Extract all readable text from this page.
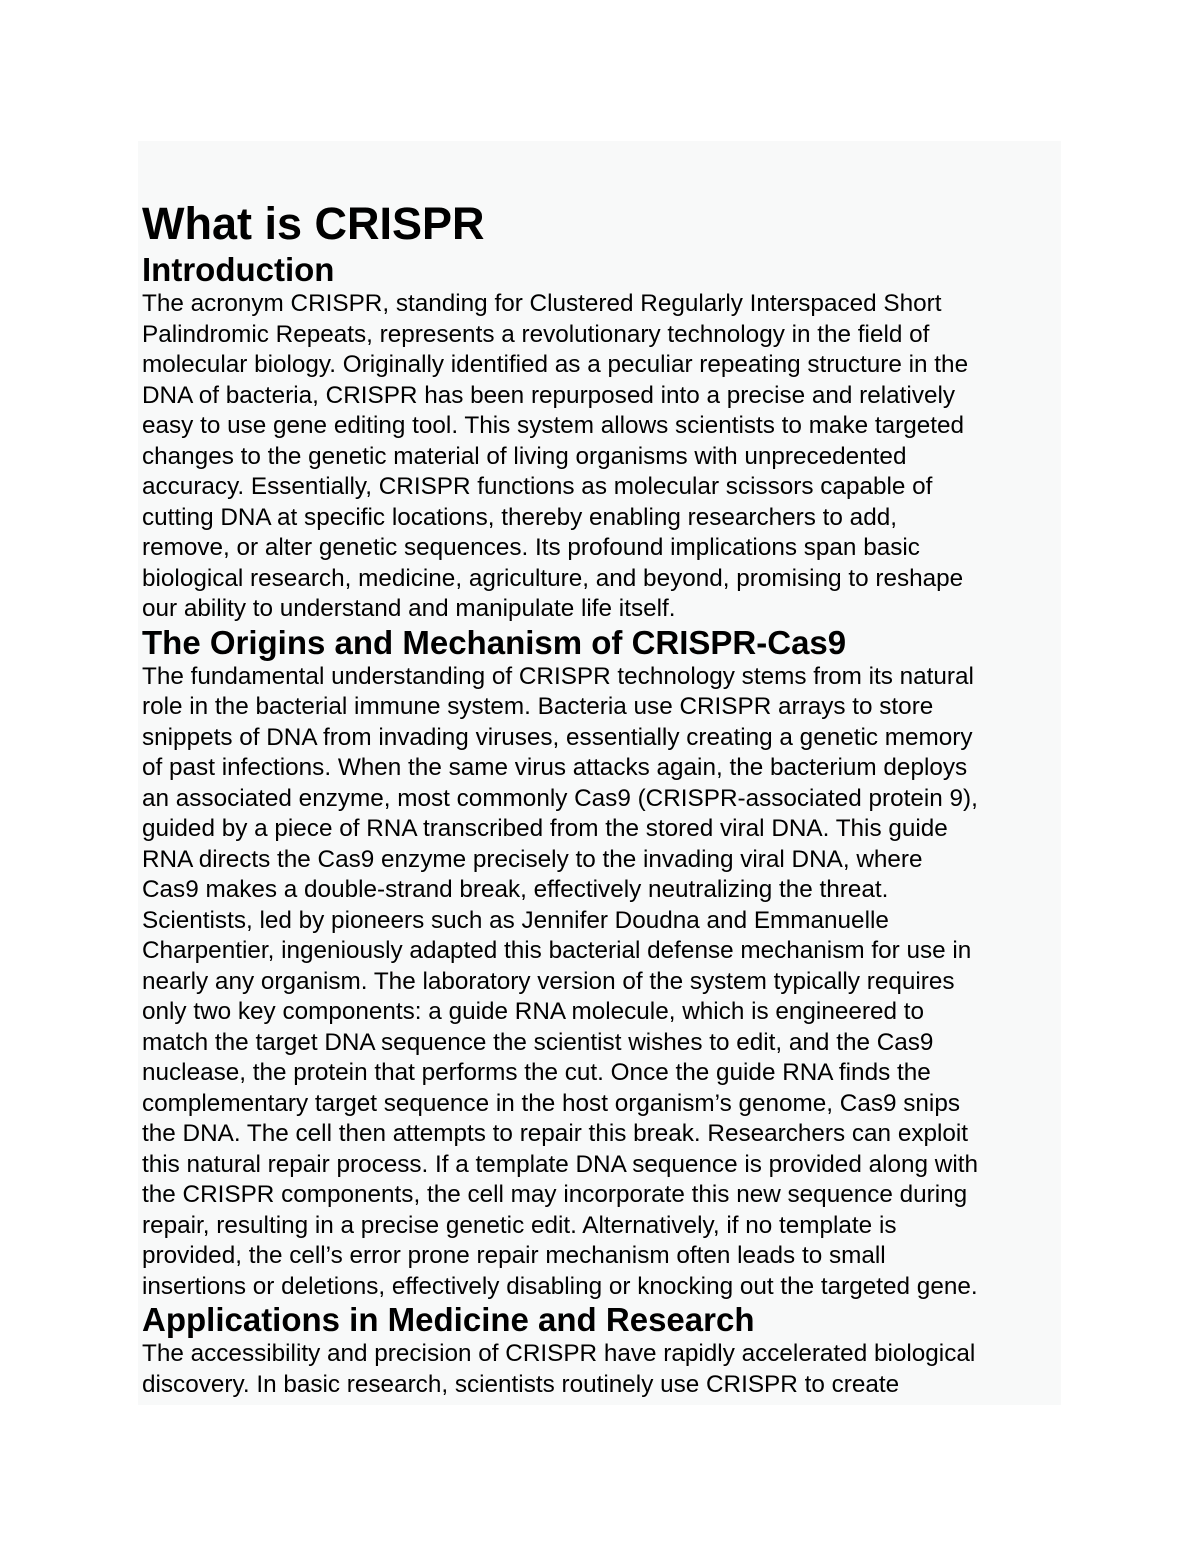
What is CRISPR
Introduction

The acronym CRISPR, standing for Clustered Regularly Interspaced Short
Palindromic Repeats, represents a revolutionary technology in the field of
molecular biology. Originally identified as a peculiar repeating structure in the
DNA of bacteria, CRISPR has been repurposed into a precise and relatively
easy to use gene editing tool. This system allows scientists to make targeted
changes to the genetic material of living organisms with unprecedented
accuracy. Essentially, CRISPR functions as molecular scissors capable of
cutting DNA at specific locations, thereby enabling researchers to add,
remove, or alter genetic sequences. Its profound implications span basic
biological research, medicine, agriculture, and beyond, promising to reshape
our ability to understand and manipulate life itself.

The Origins and Mechanism of CRISPR-Cas9

The fundamental understanding of CRISPR technology stems from its natural
role in the bacterial immune system. Bacteria use CRISPR arrays to store
snippets of DNA from invading viruses, essentially creating a genetic memory
of past infections. When the same virus attacks again, the bacterium deploys
an associated enzyme, most commonly Cas9 (CRISPR-associated protein 9),
guided by a piece of RNA transcribed from the stored viral DNA. This guide
RNA directs the Cas9 enzyme precisely to the invading viral DNA, where
Cas9 makes a double-strand break, effectively neutralizing the threat.
Scientists, led by pioneers such as Jennifer Doudna and Emmanuelle
Charpentier, ingeniously adapted this bacterial defense mechanism for use in
nearly any organism. The laboratory version of the system typically requires
only two key components: a guide RNA molecule, which is engineered to
match the target DNA sequence the scientist wishes to edit, and the Cas9
nuclease, the protein that performs the cut. Once the guide RNA finds the
complementary target sequence in the host organism’s genome, Cas9 snips
the DNA. The cell then attempts to repair this break. Researchers can exploit
this natural repair process. If a template DNA sequence is provided along with
the CRISPR components, the cell may incorporate this new sequence during
repair, resulting in a precise genetic edit. Alternatively, if no template is
provided, the cell’s error prone repair mechanism often leads to small
insertions or deletions, effectively disabling or knocking out the targeted gene.

Applications in Medicine and Research

The accessibility and precision of CRISPR have rapidly accelerated biological
discovery. In basic research, scientists routinely use CRISPR to create
